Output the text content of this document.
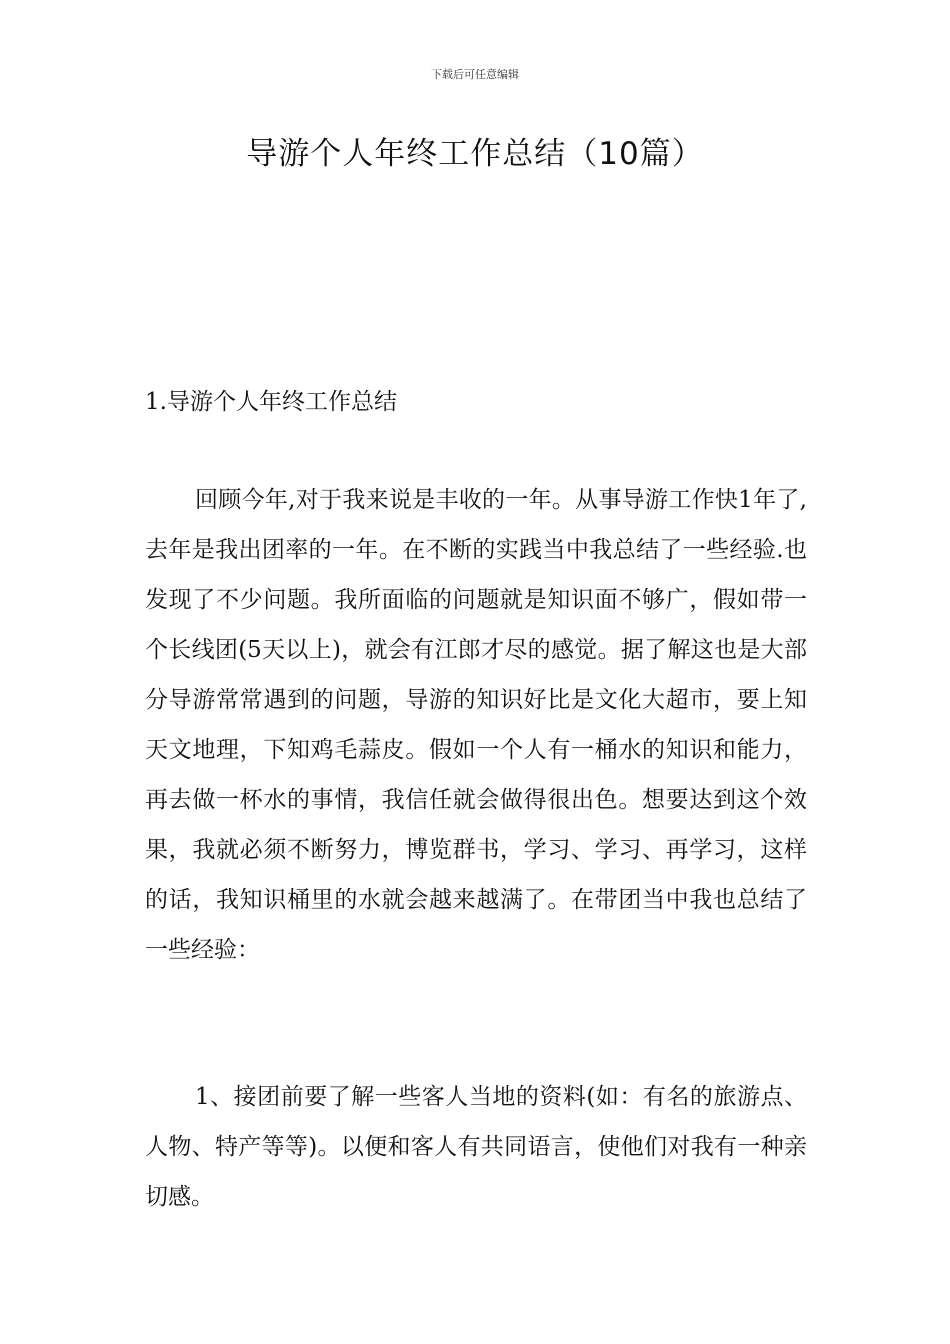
下载后可任意编辑
导游个人年终工作总结（10篇）
1.导游个人年终工作总结

回顾今年,对于我来说是丰收的一年。从事导游工作快1年了,去年是我出团率的一年。在不断的实践当中我总结了一些经验.也发现了不少问题。我所面临的问题就是知识面不够广，假如带一个长线团(5天以上)，就会有江郎才尽的感觉。据了解这也是大部分导游常常遇到的问题，导游的知识好比是文化大超市，要上知天文地理，下知鸡毛蒜皮。假如一个人有一桶水的知识和能力，再去做一杯水的事情，我信任就会做得很出色。想要达到这个效果，我就必须不断努力，博览群书，学习、学习、再学习，这样的话，我知识桶里的水就会越来越满了。在带团当中我也总结了一些经验：

1、接团前要了解一些客人当地的资料(如：有名的旅游点、人物、特产等等)。以便和客人有共同语言，使他们对我有一种亲切感。
